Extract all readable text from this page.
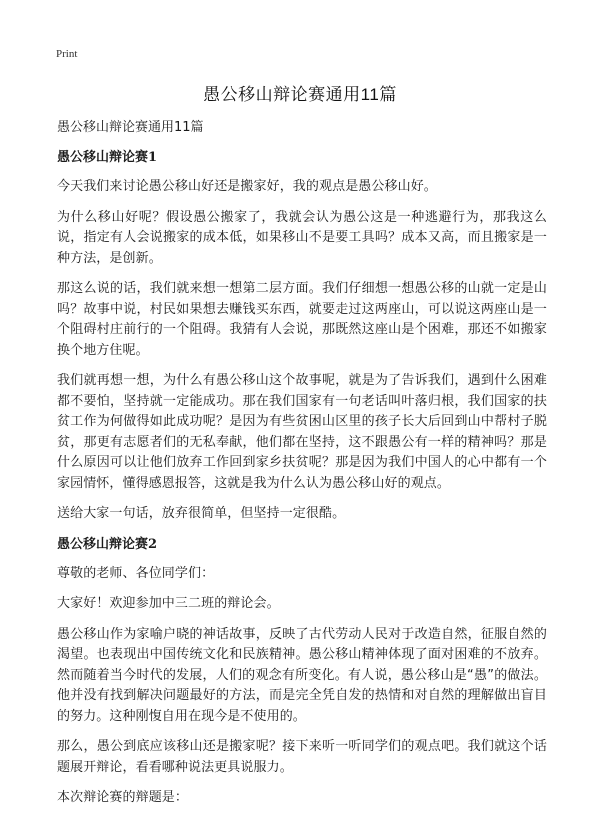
Print
愚公移山辩论赛通用11篇
愚公移山辩论赛通用11篇
愚公移山辩论赛1

今天我们来讨论愚公移山好还是搬家好，我的观点是愚公移山好。

为什么移山好呢？假设愚公搬家了，我就会认为愚公这是一种逃避行为，那我这么说，指定有人会说搬家的成本低，如果移山不是要工具吗？成本又高，而且搬家是一种方法，是创新。

那这么说的话，我们就来想一想第二层方面。我们仔细想一想愚公移的山就一定是山吗？故事中说，村民如果想去赚钱买东西，就要走过这两座山，可以说这两座山是一个阻碍村庄前行的一个阻碍。我猜有人会说，那既然这座山是个困难，那还不如搬家换个地方住呢。

我们就再想一想，为什么有愚公移山这个故事呢，就是为了告诉我们，遇到什么困难都不要怕，坚持就一定能成功。那在我们国家有一句老话叫叶落归根，我们国家的扶贫工作为何做得如此成功呢？是因为有些贫困山区里的孩子长大后回到山中帮村子脱贫，那更有志愿者们的无私奉献，他们都在坚持，这不跟愚公有一样的精神吗？那是什么原因可以让他们放弃工作回到家乡扶贫呢？那是因为我们中国人的心中都有一个家园情怀，懂得感恩报答，这就是我为什么认为愚公移山好的观点。

送给大家一句话，放弃很简单，但坚持一定很酷。

愚公移山辩论赛2

尊敬的老师、各位同学们：

大家好！欢迎参加中三二班的辩论会。

愚公移山作为家喻户晓的神话故事，反映了古代劳动人民对于改造自然，征服自然的渴望。也表现出中国传统文化和民族精神。愚公移山精神体现了面对困难的不放弃。然而随着当今时代的发展，人们的观念有所变化。有人说，愚公移山是“愚”的做法。他并没有找到解决问题最好的方法，而是完全凭自发的热情和对自然的理解做出盲目的努力。这种刚愎自用在现今是不使用的。

那么，愚公到底应该移山还是搬家呢？接下来听一听同学们的观点吧。我们就这个话题展开辩论，看看哪种说法更具说服力。

本次辩论赛的辩题是：
